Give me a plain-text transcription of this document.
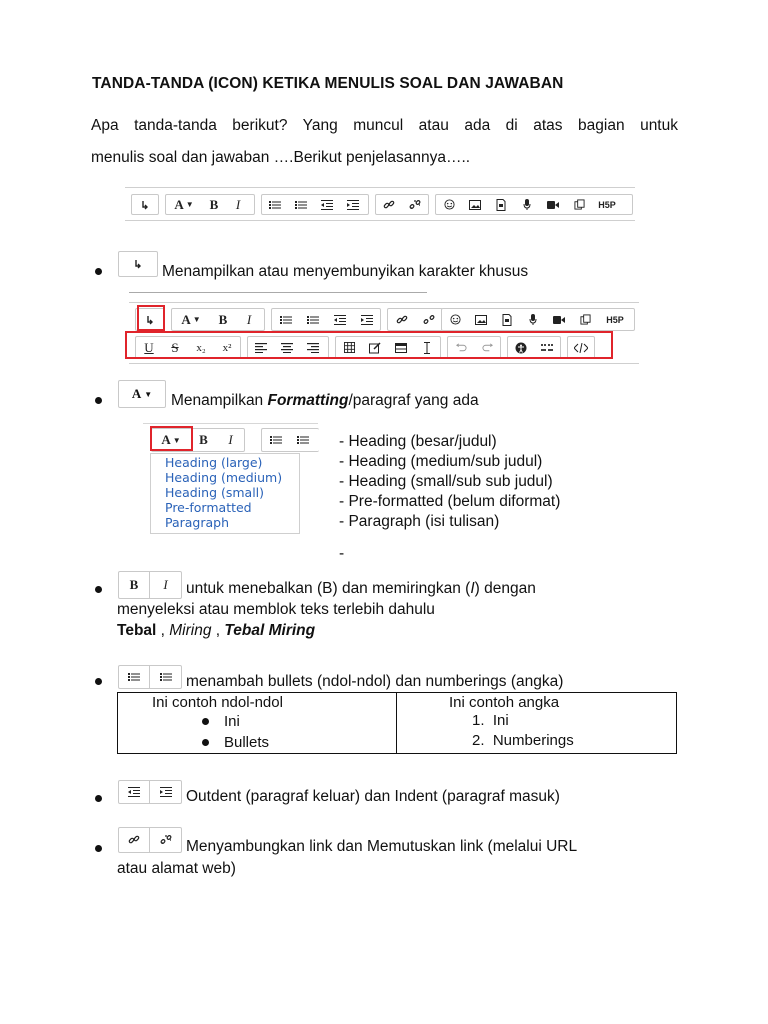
TANDA-TANDA (ICON) KETIKA MENULIS SOAL DAN JAWABAN
Apa tanda-tanda berikut? Yang muncul atau ada di atas bagian untuk
menulis soal dan jawaban ….Berikut penjelasannya…..
A ▼ B I	H5P
Menampilkan atau menyembunyikan karakter khusus
A ▼ B I	H5P
U S x₂ x²
A ▼ Menampilkan Formatting/paragraf yang ada
A ▼ B I
Heading (large)
Heading (medium)
Heading (small)
Pre-formatted
Paragraph
- Heading (besar/judul)
- Heading (medium/sub judul)
- Heading (small/sub sub judul)
- Pre-formatted (belum diformat)
- Paragraph (isi tulisan)
-
B I untuk menebalkan (B) dan memiringkan (I) dengan
menyeleksi atau memblok teks terlebih dahulu
Tebal , Miring , Tebal Miring
menambah bullets (ndol-ndol) dan numberings (angka)
Ini contoh ndol-ndol
Ini
Bullets

Ini contoh angka
1.  Ini
2.  Numberings
Outdent (paragraf keluar) dan Indent (paragraf masuk)
Menyambungkan link dan Memutuskan link (melalui URL
atau alamat web)
